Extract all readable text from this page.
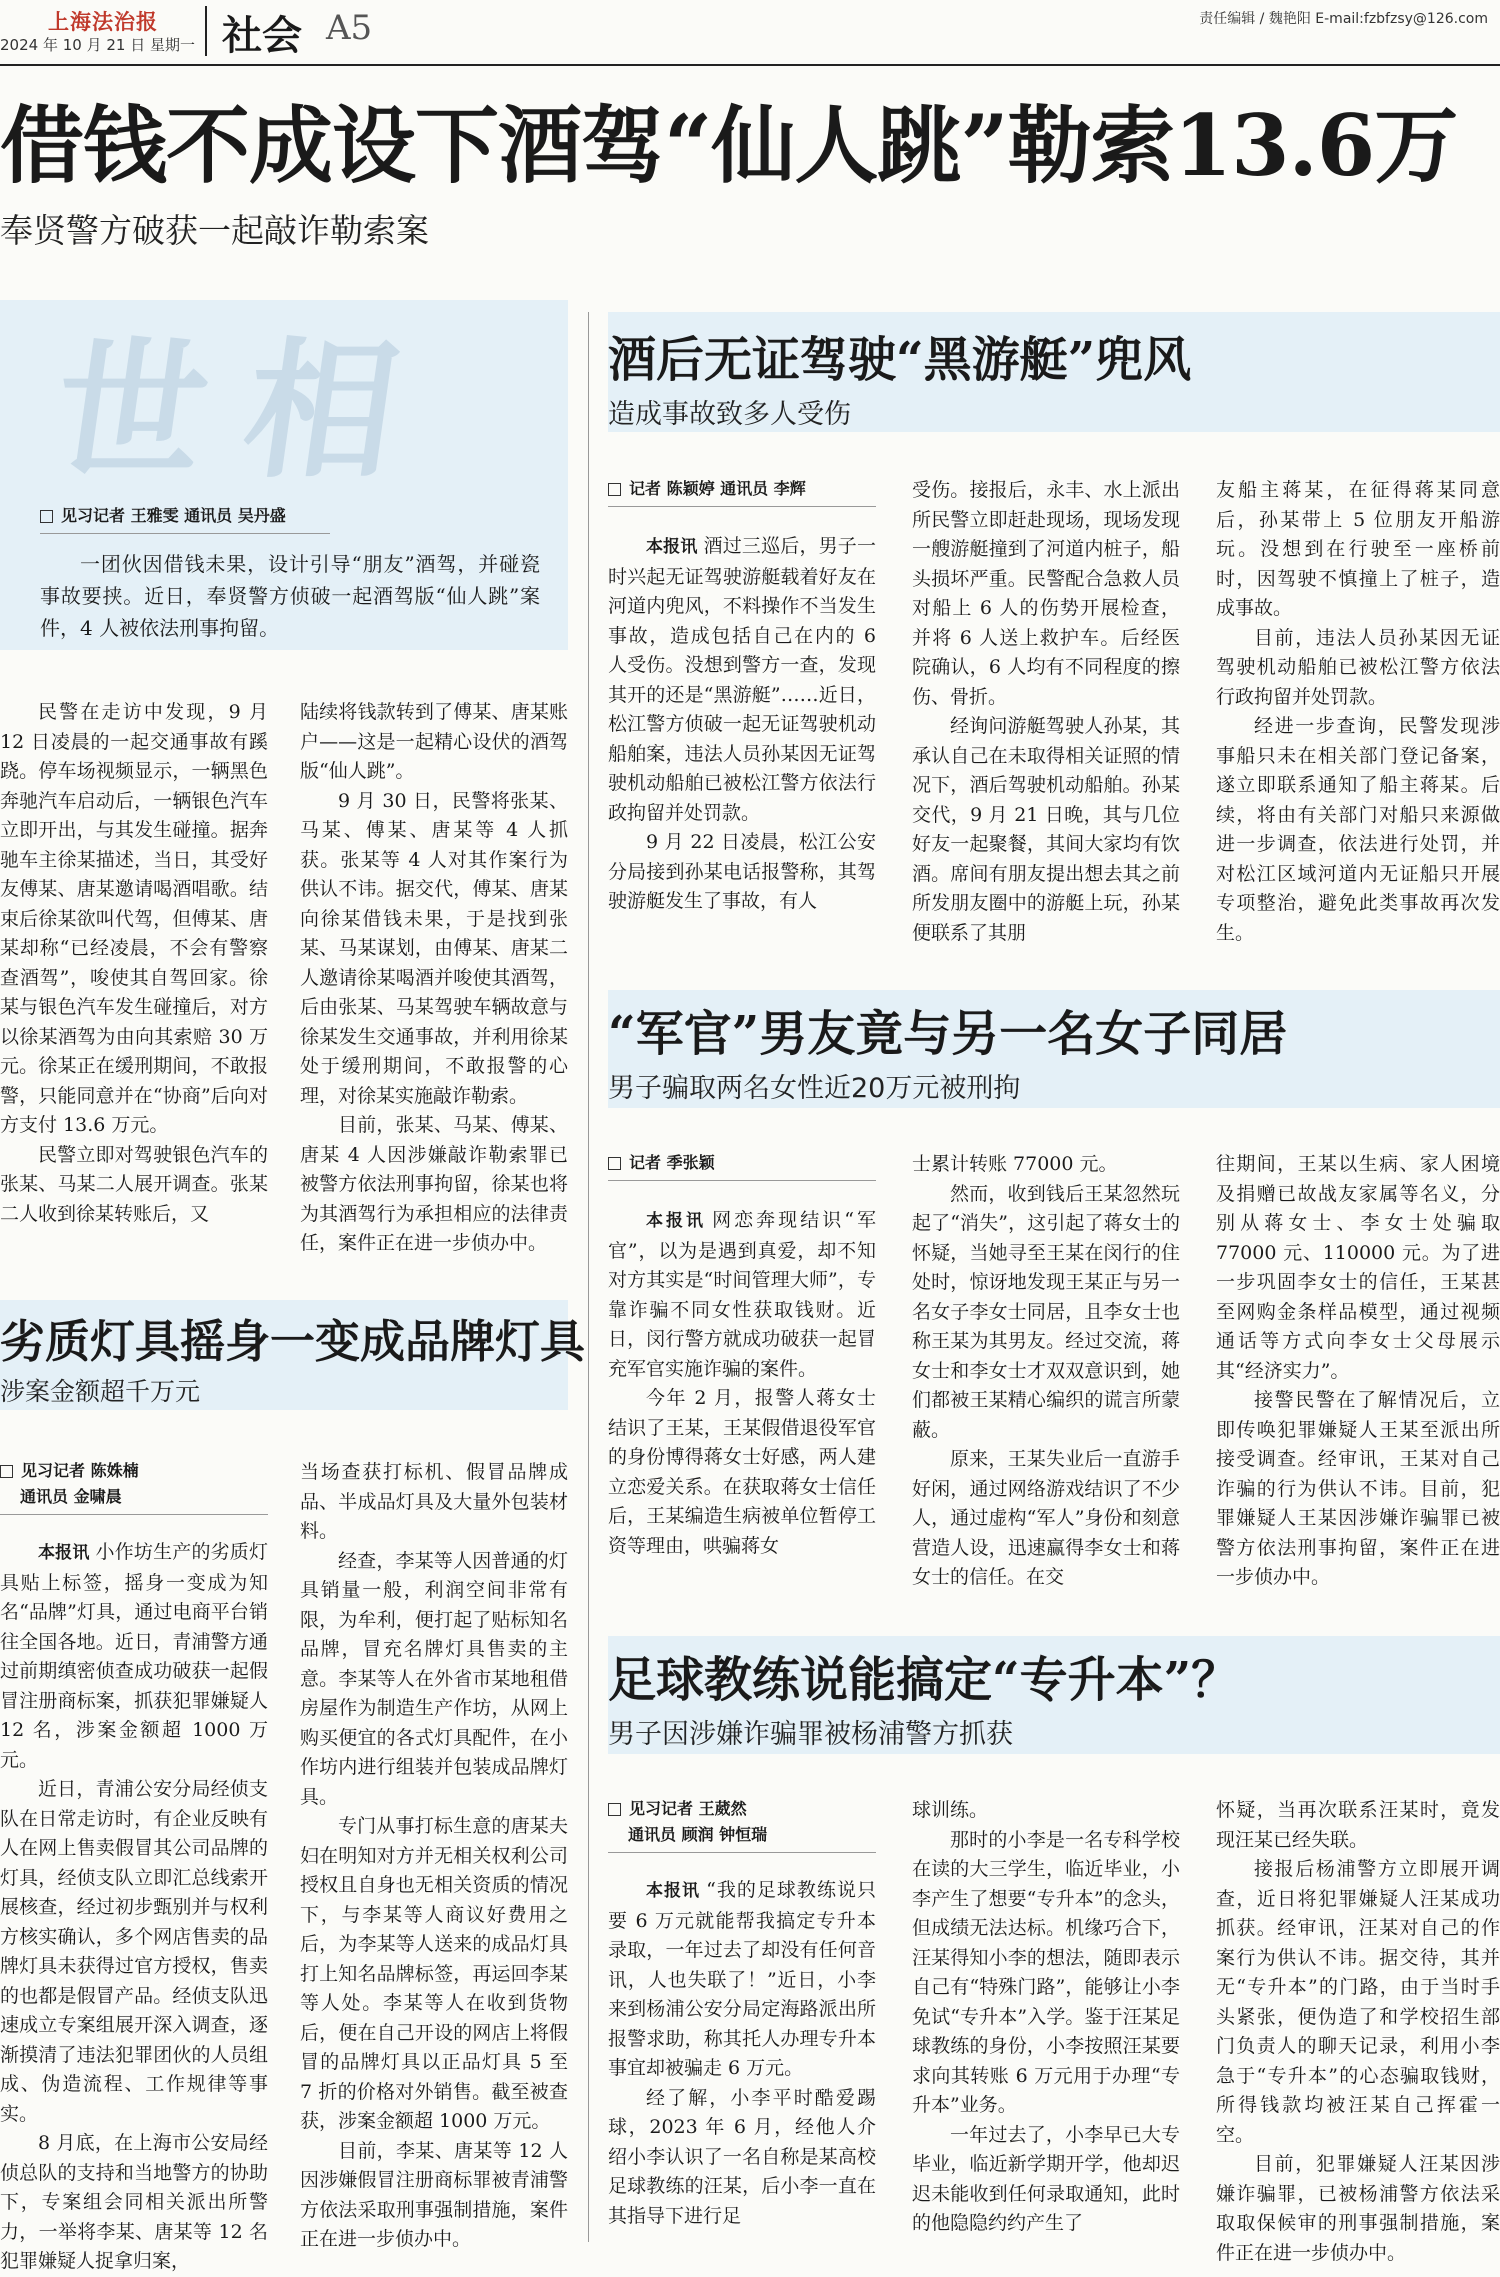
上海法治报
2024 年 10 月 21 日 星期一 社会 A5	责任编辑 / 魏艳阳 E-mail:fzbfzsy@126.com
借钱不成设下酒驾“仙人跳”勒索13.6万
奉贤警方破获一起敲诈勒索案
世相
见习记者 王雅雯 通讯员 吴丹盛

一团伙因借钱未果，设计引导“朋友”酒驾，并碰瓷事故要挟。近日，奉贤警方侦破一起酒驾版“仙人跳”案件，4 人被依法刑事拘留。

民警在走访中发现，9 月 12 日凌晨的一起交通事故有蹊跷。停车场视频显示，一辆黑色奔驰汽车启动后，一辆银色汽车立即开出，与其发生碰撞。据奔驰车主徐某描述，当日，其受好友傅某、唐某邀请喝酒唱歌。结束后徐某欲叫代驾，但傅某、唐某却称“已经凌晨，不会有警察查酒驾”，唆使其自驾回家。徐某与银色汽车发生碰撞后，对方以徐某酒驾为由向其索赔 30 万元。徐某正在缓刑期间，不敢报警，只能同意并在“协商”后向对方支付 13.6 万元。

民警立即对驾驶银色汽车的张某、马某二人展开调查。张某二人收到徐某转账后，又

陆续将钱款转到了傅某、唐某账户——这是一起精心设伏的酒驾版“仙人跳”。

9 月 30 日，民警将张某、马某、傅某、唐某等 4 人抓获。张某等 4 人对其作案行为供认不讳。据交代，傅某、唐某向徐某借钱未果，于是找到张某、马某谋划，由傅某、唐某二人邀请徐某喝酒并唆使其酒驾，后由张某、马某驾驶车辆故意与徐某发生交通事故，并利用徐某处于缓刑期间，不敢报警的心理，对徐某实施敲诈勒索。

目前，张某、马某、傅某、唐某 4 人因涉嫌敲诈勒索罪已被警方依法刑事拘留，徐某也将为其酒驾行为承担相应的法律责任，案件正在进一步侦办中。

劣质灯具摇身一变成品牌灯具
涉案金额超千万元
见习记者 陈姝楠
通讯员 金啸晨

本报讯 小作坊生产的劣质灯具贴上标签，摇身一变成为知名“品牌”灯具，通过电商平台销往全国各地。近日，青浦警方通过前期缜密侦查成功破获一起假冒注册商标案，抓获犯罪嫌疑人 12 名，涉案金额超 1000 万元。

近日，青浦公安分局经侦支队在日常走访时，有企业反映有人在网上售卖假冒其公司品牌的灯具，经侦支队立即汇总线索开展核查，经过初步甄别并与权利方核实确认，多个网店售卖的品牌灯具未获得过官方授权，售卖的也都是假冒产品。经侦支队迅速成立专案组展开深入调查，逐渐摸清了违法犯罪团伙的人员组成、伪造流程、工作规律等事实。

8 月底，在上海市公安局经侦总队的支持和当地警方的协助下，专案组会同相关派出所警力，一举将李某、唐某等 12 名犯罪嫌疑人捉拿归案，

当场查获打标机、假冒品牌成品、半成品灯具及大量外包装材料。

经查，李某等人因普通的灯具销量一般，利润空间非常有限，为牟利，便打起了贴标知名品牌，冒充名牌灯具售卖的主意。李某等人在外省市某地租借房屋作为制造生产作坊，从网上购买便宜的各式灯具配件，在小作坊内进行组装并包装成品牌灯具。

专门从事打标生意的唐某夫妇在明知对方并无相关权利公司授权且自身也无相关资质的情况下，与李某等人商议好费用之后，为李某等人送来的成品灯具打上知名品牌标签，再运回李某等人处。李某等人在收到货物后，便在自己开设的网店上将假冒的品牌灯具以正品灯具 5 至 7 折的价格对外销售。截至被查获，涉案金额超 1000 万元。

目前，李某、唐某等 12 人因涉嫌假冒注册商标罪被青浦警方依法采取刑事强制措施，案件正在进一步侦办中。

酒后无证驾驶“黑游艇”兜风
造成事故致多人受伤
记者 陈颖婷 通讯员 李辉

本报讯 酒过三巡后，男子一时兴起无证驾驶游艇载着好友在河道内兜风，不料操作不当发生事故，造成包括自己在内的 6 人受伤。没想到警方一查，发现其开的还是“黑游艇”……近日，松江警方侦破一起无证驾驶机动船舶案，违法人员孙某因无证驾驶机动船舶已被松江警方依法行政拘留并处罚款。

9 月 22 日凌晨，松江公安分局接到孙某电话报警称，其驾驶游艇发生了事故，有人

受伤。接报后，永丰、水上派出所民警立即赶赴现场，现场发现一艘游艇撞到了河道内桩子，船头损坏严重。民警配合急救人员对船上 6 人的伤势开展检查，并将 6 人送上救护车。后经医院确认，6 人均有不同程度的擦伤、骨折。

经询问游艇驾驶人孙某，其承认自己在未取得相关证照的情况下，酒后驾驶机动船舶。孙某交代，9 月 21 日晚，其与几位好友一起聚餐，其间大家均有饮酒。席间有朋友提出想去其之前所发朋友圈中的游艇上玩，孙某便联系了其朋

友船主蒋某，在征得蒋某同意后，孙某带上 5 位朋友开船游玩。没想到在行驶至一座桥前时，因驾驶不慎撞上了桩子，造成事故。

目前，违法人员孙某因无证驾驶机动船舶已被松江警方依法行政拘留并处罚款。

经进一步查询，民警发现涉事船只未在相关部门登记备案，遂立即联系通知了船主蒋某。后续，将由有关部门对船只来源做进一步调查，依法进行处罚，并对松江区域河道内无证船只开展专项整治，避免此类事故再次发生。

“军官”男友竟与另一名女子同居
男子骗取两名女性近20万元被刑拘
记者 季张颖

本报讯 网恋奔现结识“军官”，以为是遇到真爱，却不知对方其实是“时间管理大师”，专靠诈骗不同女性获取钱财。近日，闵行警方就成功破获一起冒充军官实施诈骗的案件。

今年 2 月，报警人蒋女士结识了王某，王某假借退役军官的身份博得蒋女士好感，两人建立恋爱关系。在获取蒋女士信任后，王某编造生病被单位暂停工资等理由，哄骗蒋女

士累计转账 77000 元。

然而，收到钱后王某忽然玩起了“消失”，这引起了蒋女士的怀疑，当她寻至王某在闵行的住处时，惊讶地发现王某正与另一名女子李女士同居，且李女士也称王某为其男友。经过交流，蒋女士和李女士才双双意识到，她们都被王某精心编织的谎言所蒙蔽。

原来，王某失业后一直游手好闲，通过网络游戏结识了不少人，通过虚构“军人”身份和刻意营造人设，迅速赢得李女士和蒋女士的信任。在交

往期间，王某以生病、家人困境及捐赠已故战友家属等名义，分别从蒋女士、李女士处骗取 77000 元、110000 元。为了进一步巩固李女士的信任，王某甚至网购金条样品模型，通过视频通话等方式向李女士父母展示其“经济实力”。

接警民警在了解情况后，立即传唤犯罪嫌疑人王某至派出所接受调查。经审讯，王某对自己诈骗的行为供认不讳。目前，犯罪嫌疑人王某因涉嫌诈骗罪已被警方依法刑事拘留，案件正在进一步侦办中。

足球教练说能搞定“专升本”？
男子因涉嫌诈骗罪被杨浦警方抓获
见习记者 王葳然
通讯员 顾润 钟恒瑞

本报讯 “我的足球教练说只要 6 万元就能帮我搞定专升本录取，一年过去了却没有任何音讯，人也失联了！”近日，小李来到杨浦公安分局定海路派出所报警求助，称其托人办理专升本事宜却被骗走 6 万元。

经了解，小李平时酷爱踢球，2023 年 6 月，经他人介绍小李认识了一名自称是某高校足球教练的汪某，后小李一直在其指导下进行足

球训练。

那时的小李是一名专科学校在读的大三学生，临近毕业，小李产生了想要“专升本”的念头，但成绩无法达标。机缘巧合下，汪某得知小李的想法，随即表示自己有“特殊门路”，能够让小李免试“专升本”入学。鉴于汪某足球教练的身份，小李按照汪某要求向其转账 6 万元用于办理“专升本”业务。

一年过去了，小李早已大专毕业，临近新学期开学，他却迟迟未能收到任何录取通知，此时的他隐隐约约产生了

怀疑，当再次联系汪某时，竟发现汪某已经失联。

接报后杨浦警方立即展开调查，近日将犯罪嫌疑人汪某成功抓获。经审讯，汪某对自己的作案行为供认不讳。据交待，其并无“专升本”的门路，由于当时手头紧张，便伪造了和学校招生部门负责人的聊天记录，利用小李急于“专升本”的心态骗取钱财，所得钱款均被汪某自己挥霍一空。

目前，犯罪嫌疑人汪某因涉嫌诈骗罪，已被杨浦警方依法采取取保候审的刑事强制措施，案件正在进一步侦办中。
